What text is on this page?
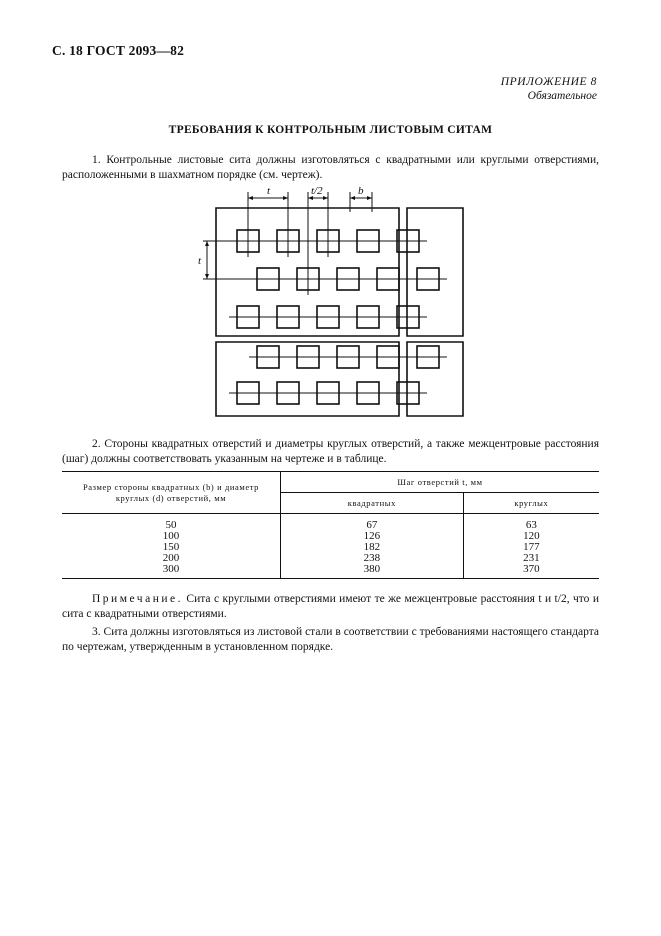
С. 18 ГОСТ 2093—82
ПРИЛОЖЕНИЕ 8
Обязательное
ТРЕБОВАНИЯ К КОНТРОЛЬНЫМ ЛИСТОВЫМ СИТАМ
1. Контрольные листовые сита должны изготовляться с квадратными или круглыми отверстиями, расположенными в шахматном порядке (см. чертеж).
t	t/2	b
t
2. Стороны квадратных отверстий и диаметры круглых отверстий, а также межцентровые расстояния (шаг) должны соответствовать указанным на чертеже и в таблице.
Размер стороны квадратных (b) и диаметр круглых (d) отверстий, мм	Шаг отверстий t, мм	
	квадратных	круглых
50	67	63
100	126	120
150	182	177
200	238	231
300	380	370
Примечание. Сита с круглыми отверстиями имеют те же межцентровые расстояния t и t/2, что и сита с квадратными отверстиями.
3. Сита должны изготовляться из листовой стали в соответствии с требованиями настоящего стандарта по чертежам, утвержденным в установленном порядке.
